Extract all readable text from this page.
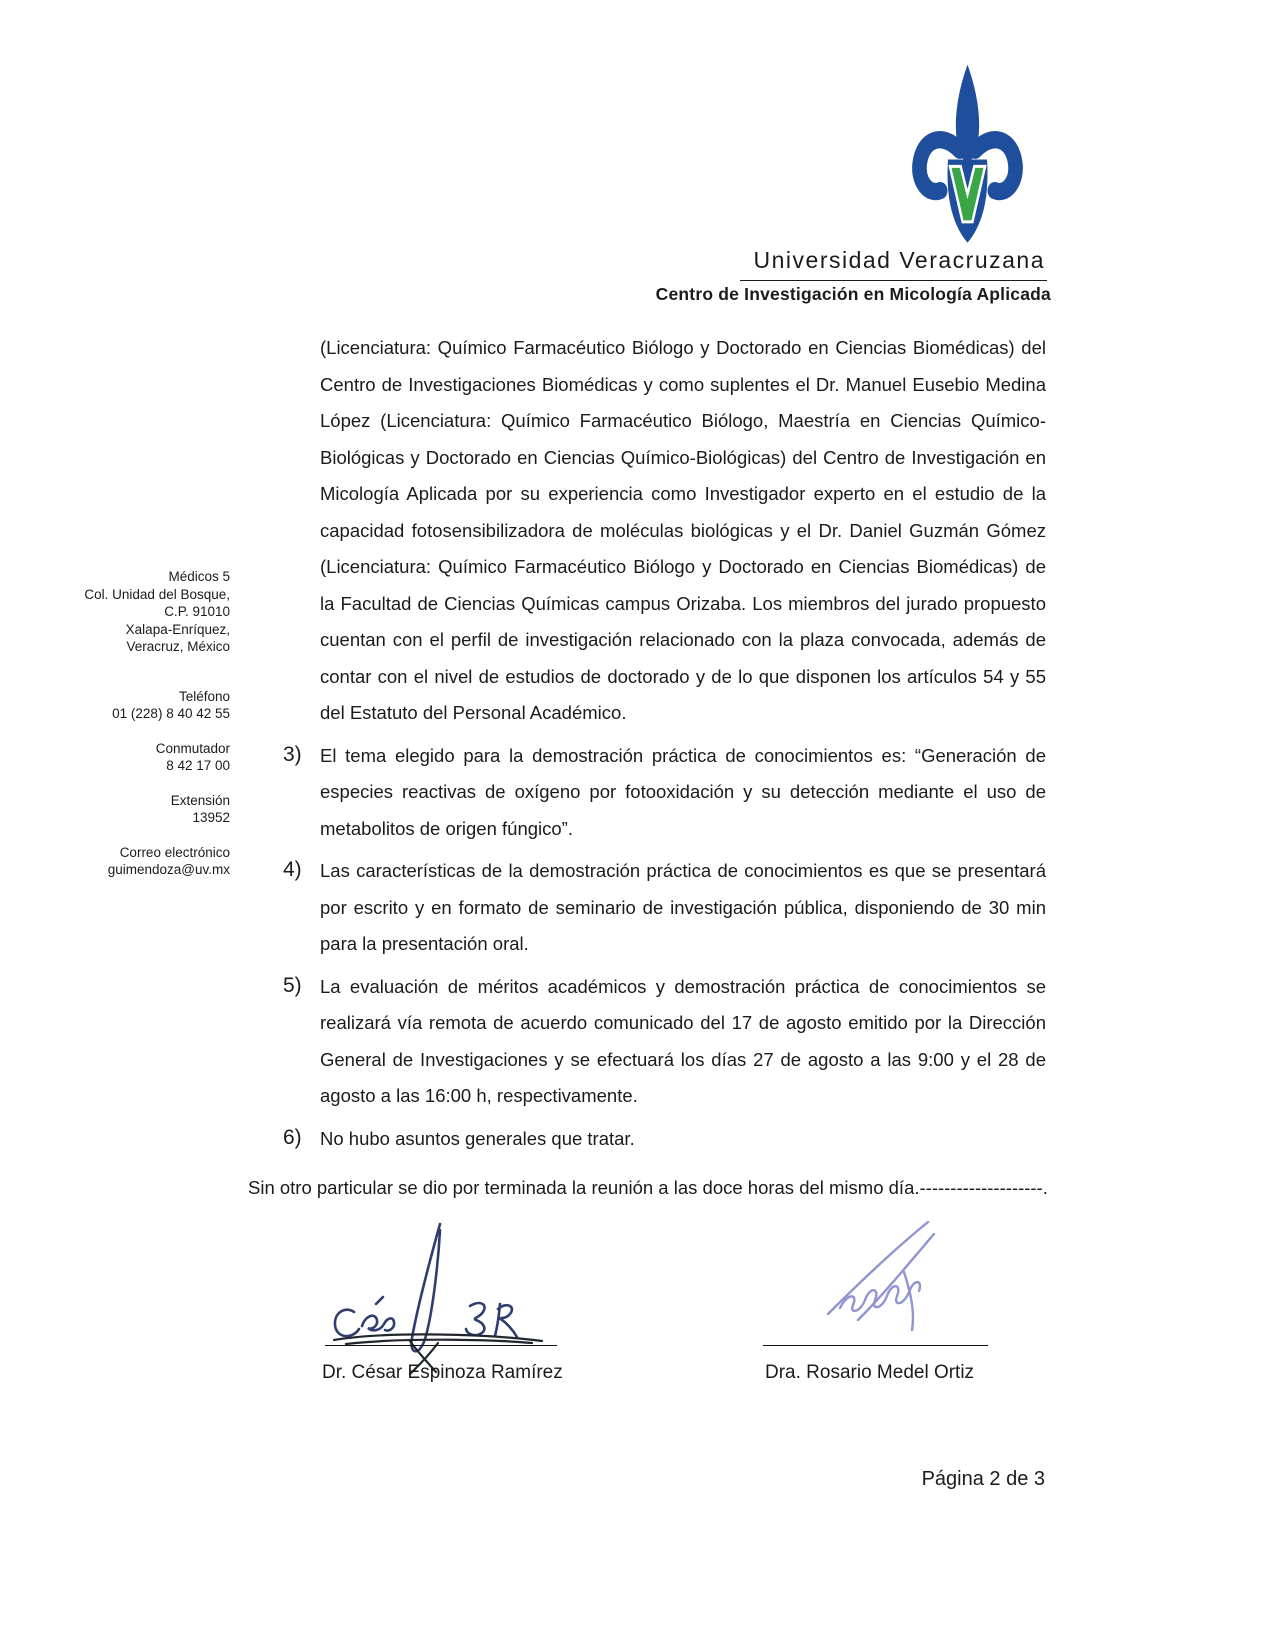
Universidad Veracruzana
Centro de Investigación en Micología Aplicada
Médicos 5
Col. Unidad del Bosque,
C.P. 91010
Xalapa-Enríquez,
Veracruz, México
Teléfono
01 (228) 8 40 42 55
Conmutador
8 42 17 00
Extensión
13952
Correo electrónico
guimendoza@uv.mx

(Licenciatura: Químico Farmacéutico Biólogo y Doctorado en Ciencias Biomédicas) del Centro de Investigaciones Biomédicas y como suplentes el Dr. Manuel Eusebio Medina López (Licenciatura: Químico Farmacéutico Biólogo, Maestría en Ciencias Químico-Biológicas y Doctorado en Ciencias Químico-Biológicas) del Centro de Investigación en Micología Aplicada por su experiencia como Investigador experto en el estudio de la capacidad fotosensibilizadora de moléculas biológicas y el Dr. Daniel Guzmán Gómez (Licenciatura: Químico Farmacéutico Biólogo y Doctorado en Ciencias Biomédicas) de la Facultad de Ciencias Químicas campus Orizaba. Los miembros del jurado propuesto cuentan con el perfil de investigación relacionado con la plaza convocada, además de contar con el nivel de estudios de doctorado y de lo que disponen los artículos 54 y 55 del Estatuto del Personal Académico.

3) El tema elegido para la demostración práctica de conocimientos es: “Generación de especies reactivas de oxígeno por fotooxidación y su detección mediante el uso de metabolitos de origen fúngico”.

4) Las características de la demostración práctica de conocimientos es que se presentará por escrito y en formato de seminario de investigación pública, disponiendo de 30 min para la presentación oral.

5) La evaluación de méritos académicos y demostración práctica de conocimientos se realizará vía remota de acuerdo comunicado del 17 de agosto emitido por la Dirección General de Investigaciones y se efectuará los días 27 de agosto a las 9:00 y el 28 de agosto a las 16:00 h, respectivamente.

6) No hubo asuntos generales que tratar.

Sin otro particular se dio por terminada la reunión a las doce horas del mismo día.--------------------.

Dr. César Espinoza Ramírez	Dra. Rosario Medel Ortiz
Página 2 de 3
